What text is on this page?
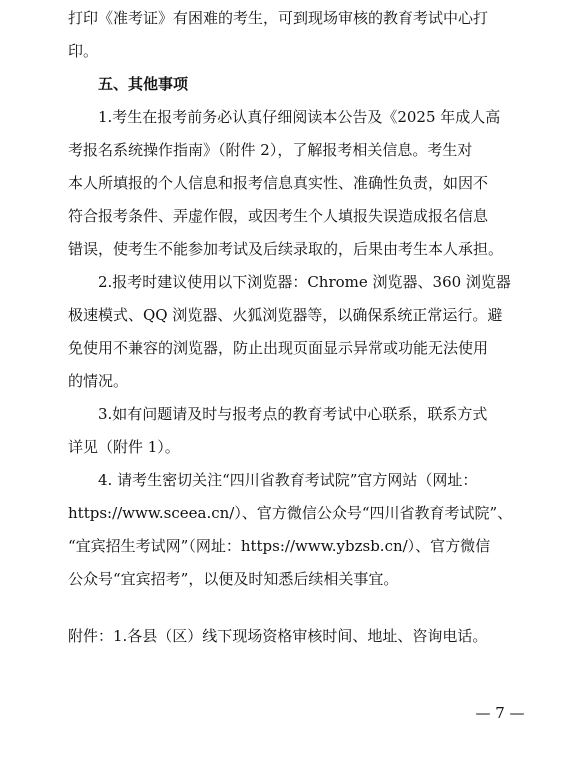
打印《准考证》有困难的考生，可到现场审核的教育考试中心打
印。
五、其他事项
1.考生在报考前务必认真仔细阅读本公告及《2025 年成人高
考报名系统操作指南》（附件 2），了解报考相关信息。考生对
本人所填报的个人信息和报考信息真实性、准确性负责，如因不
符合报考条件、弄虚作假，或因考生个人填报失误造成报名信息
错误，使考生不能参加考试及后续录取的，后果由考生本人承担。
2.报考时建议使用以下浏览器：Chrome 浏览器、360 浏览器
极速模式、QQ 浏览器、火狐浏览器等，以确保系统正常运行。避
免使用不兼容的浏览器，防止出现页面显示异常或功能无法使用
的情况。
3.如有问题请及时与报考点的教育考试中心联系，联系方式
详见（附件 1）。
4. 请考生密切关注“四川省教育考试院”官方网站（网址：
https://www.sceea.cn/）、官方微信公众号“四川省教育考试院”、
“宜宾招生考试网”（网址：https://www.ybzsb.cn/）、官方微信
公众号“宜宾招考”，以便及时知悉后续相关事宜。
附件：1.各县（区）线下现场资格审核时间、地址、咨询电话。
— 7 —
